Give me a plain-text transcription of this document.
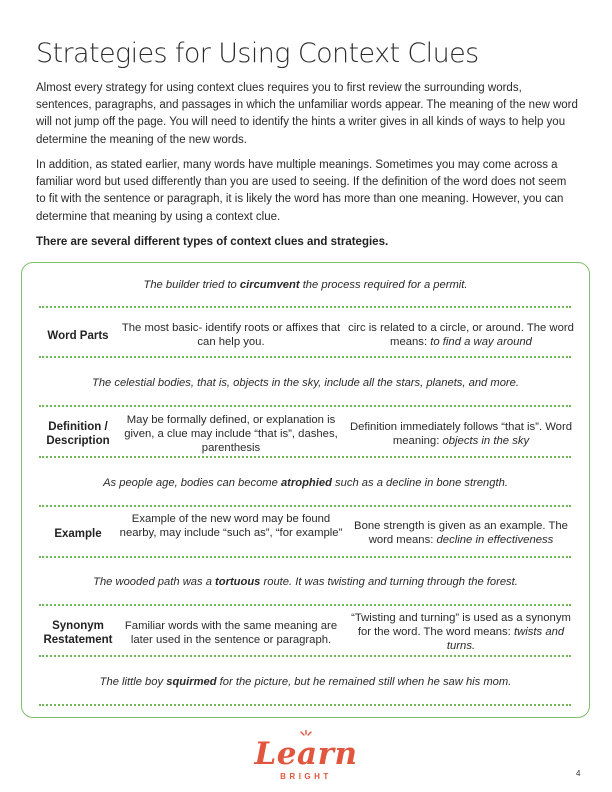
Strategies for Using Context Clues

Almost every strategy for using context clues requires you to first review the surrounding words, sentences, paragraphs, and passages in which the unfamiliar words appear. The meaning of the new word will not jump off the page. You will need to identify the hints a writer gives in all kinds of ways to help you determine the meaning of the new words.

In addition, as stated earlier, many words have multiple meanings. Sometimes you may come across a familiar word but used differently than you are used to seeing. If the definition of the word does not seem to fit with the sentence or paragraph, it is likely the word has more than one meaning. However, you can determine that meaning by using a context clue.

There are several different types of context clues and strategies.

The builder tried to circumvent the process required for a permit.
Word Parts
The most basic- identify roots or affixes that can help you.
circ is related to a circle, or around. The word means: to find a way around
The celestial bodies, that is, objects in the sky, include all the stars, planets, and more.
Definition / Description
May be formally defined, or explanation is given, a clue may include “that is”, dashes, parenthesis
Definition immediately follows “that is”. Word meaning: objects in the sky
As people age, bodies can become atrophied such as a decline in bone strength.
Example
Example of the new word may be found nearby, may include “such as”, “for example”
Bone strength is given as an example. The word means: decline in effectiveness
The wooded path was a tortuous route. It was twisting and turning through the forest.
Synonym Restatement
Familiar words with the same meaning are later used in the sentence or paragraph.
“Twisting and turning” is used as a synonym for the word. The word means: twists and turns.
The little boy squirmed for the picture, but he remained still when he saw his mom.
Learn
BRIGHT	4
